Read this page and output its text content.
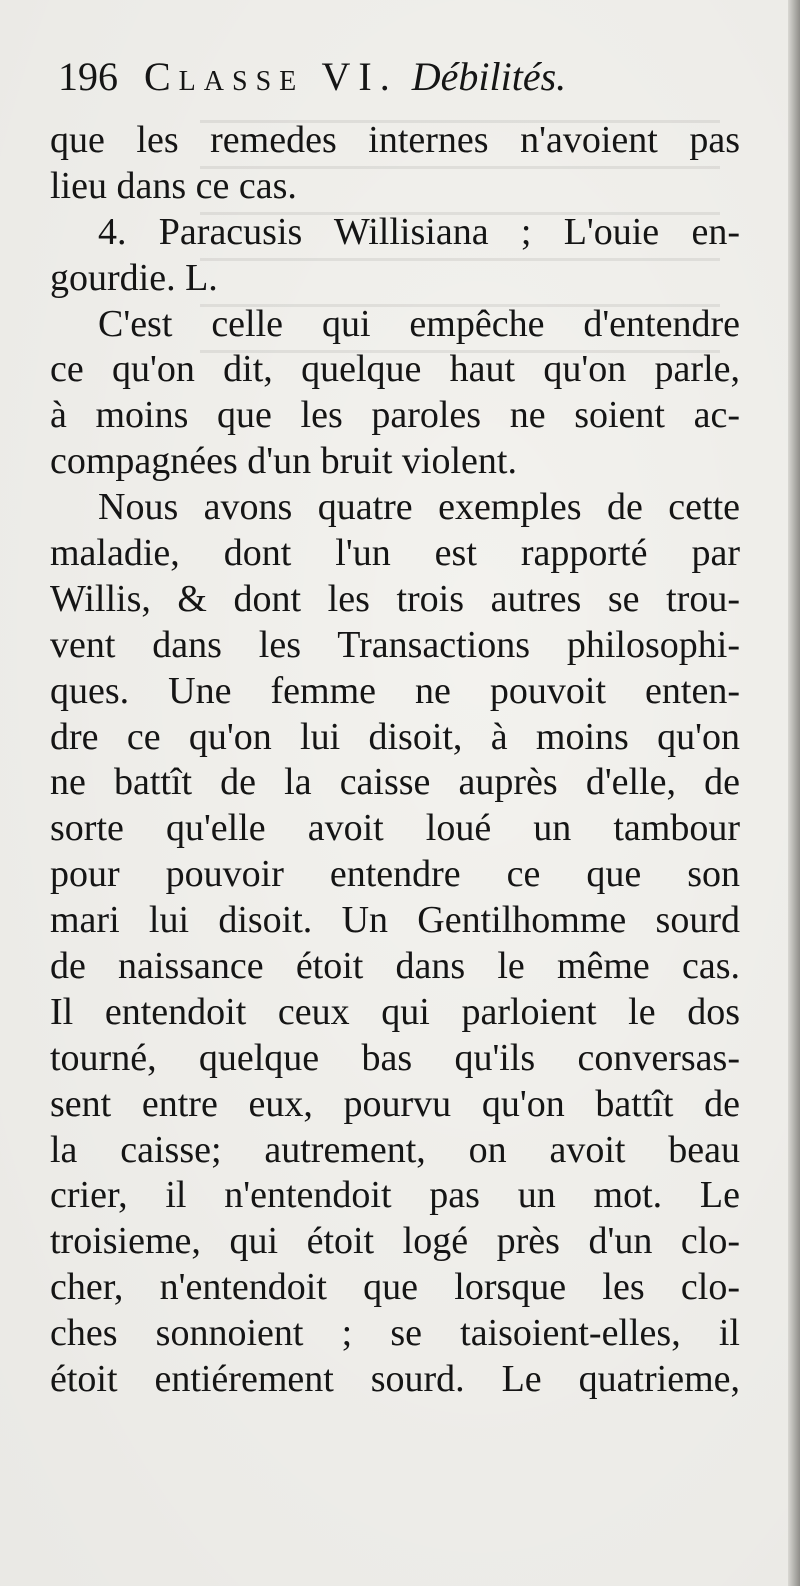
196 Classe VI. Débilités.
que les remedes internes n'avoient pas
lieu dans ce cas.
4. Paracusis Willisiana ; L'ouie en-
gourdie. L.
C'est celle qui empêche d'entendre
ce qu'on dit, quelque haut qu'on parle,
à moins que les paroles ne soient ac-
compagnées d'un bruit violent.
Nous avons quatre exemples de cette
maladie, dont l'un est rapporté par
Willis, & dont les trois autres se trou-
vent dans les Transactions philosophi-
ques. Une femme ne pouvoit enten-
dre ce qu'on lui disoit, à moins qu'on
ne battît de la caisse auprès d'elle, de
sorte qu'elle avoit loué un tambour
pour pouvoir entendre ce que son
mari lui disoit. Un Gentilhomme sourd
de naissance étoit dans le même cas.
Il entendoit ceux qui parloient le dos
tourné, quelque bas qu'ils conversas-
sent entre eux, pourvu qu'on battît de
la caisse; autrement, on avoit beau
crier, il n'entendoit pas un mot. Le
troisieme, qui étoit logé près d'un clo-
cher, n'entendoit que lorsque les clo-
ches sonnoient ; se taisoient-elles, il
étoit entiérement sourd. Le quatrieme,
